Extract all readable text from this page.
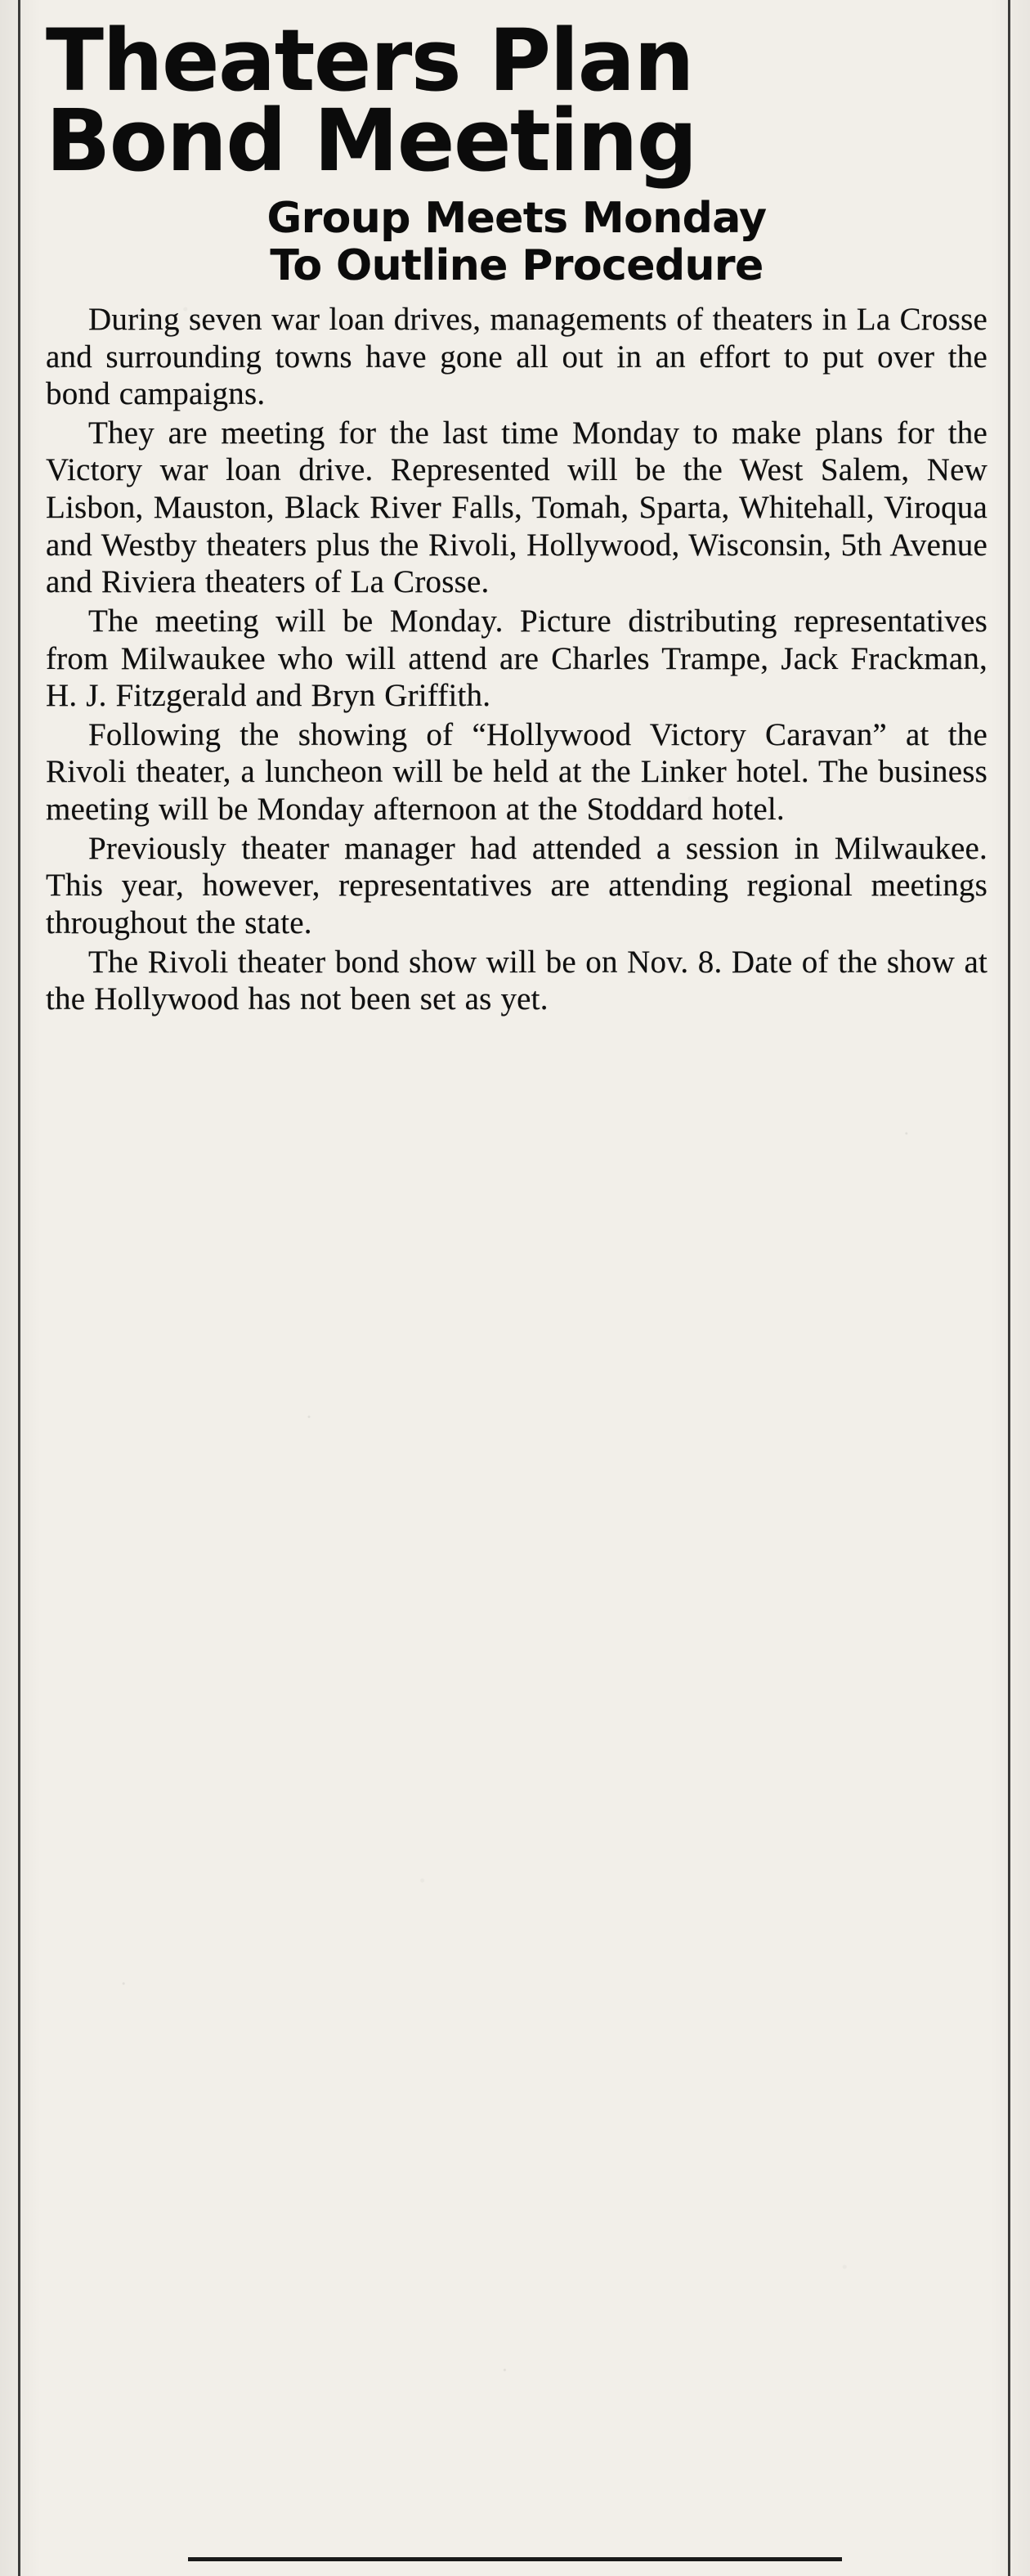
Theaters Plan
Bond Meeting
Group Meets Monday
To Outline Procedure

During seven war loan drives, managements of theaters in La Crosse and surrounding towns have gone all out in an effort to put over the bond campaigns.

They are meeting for the last time Monday to make plans for the Victory war loan drive. Represented will be the West Salem, New Lisbon, Mauston, Black River Falls, Tomah, Sparta, Whitehall, Viroqua and Westby theaters plus the Rivoli, Hollywood, Wisconsin, 5th Avenue and Riviera theaters of La Crosse.

The meeting will be Monday. Picture distributing representatives from Milwaukee who will attend are Charles Trampe, Jack Frackman, H. J. Fitzgerald and Bryn Griffith.

Following the showing of “Hollywood Victory Caravan” at the Rivoli theater, a luncheon will be held at the Linker hotel. The business meeting will be Monday afternoon at the Stoddard hotel.

Previously theater manager had attended a session in Milwaukee. This year, however, representatives are attending regional meetings throughout the state.

The Rivoli theater bond show will be on Nov. 8. Date of the show at the Hollywood has not been set as yet.
